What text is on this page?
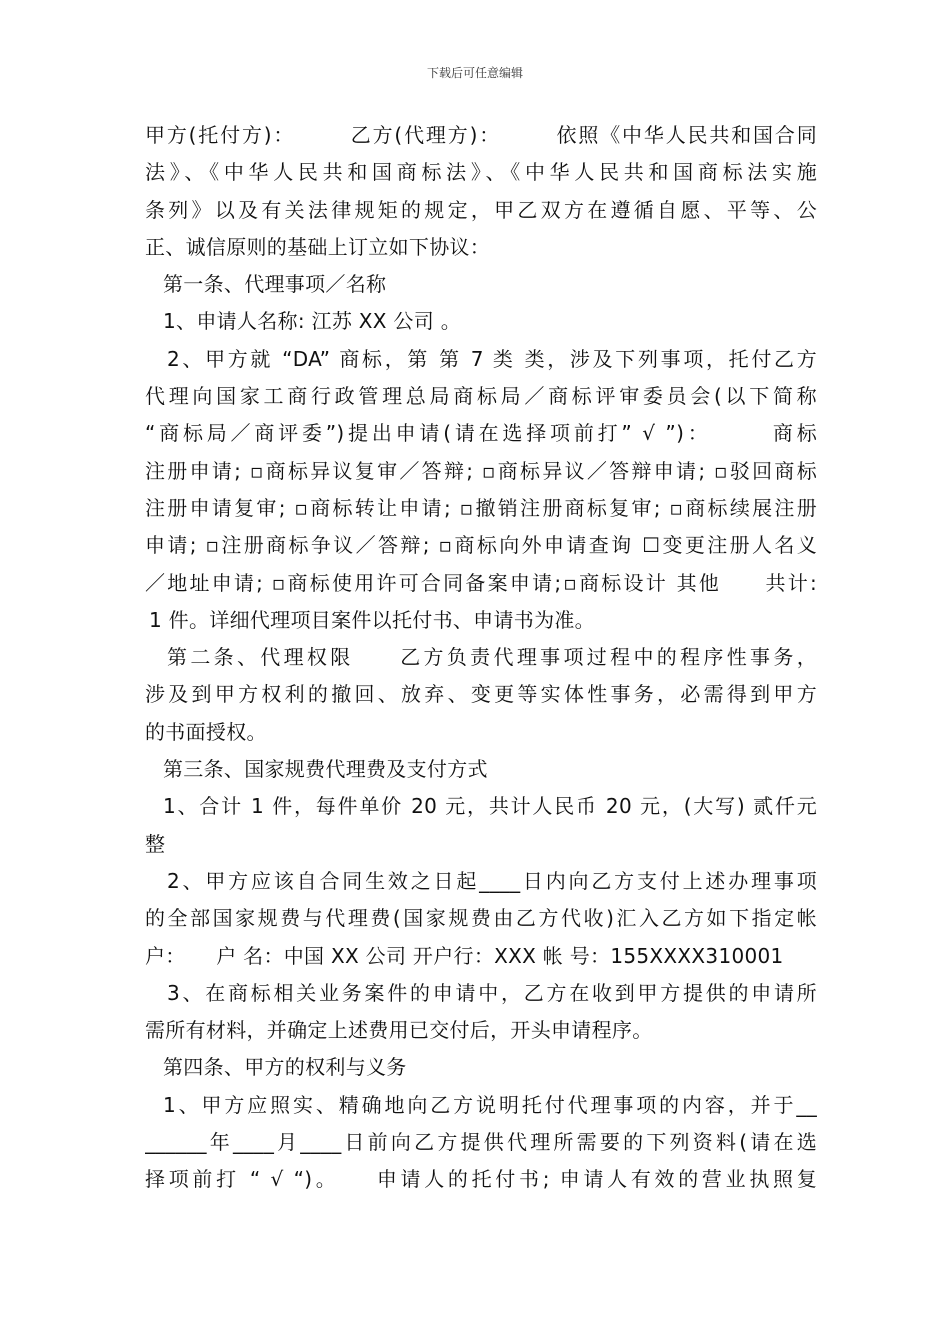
下载后可任意编辑
甲方(托付方)：　　　乙方(代理方)：　　　依照《中华人民共和国合同
法》、《中华人民共和国商标法》、《中华人民共和国商标法实施
条列》以及有关法律规矩的规定，甲乙双方在遵循自愿、平等、公
正、诚信原则的基础上订立如下协议：
第一条、代理事项／名称
1、申请人名称: 江苏 XX 公司 。
2、甲方就 “DA” 商标，第 第 7 类 类，涉及下列事项，托付乙方
代理向国家工商行政管理总局商标局／商标评审委员会(以下简称
“商标局／商评委”)提出申请(请在选择项前打” √ ”)：　　　商标
注册申请; ▫商标异议复审／答辩; ▫商标异议／答辩申请; ▫驳回商标
注册申请复审; ▫商标转让申请; ▫撤销注册商标复审; ▫商标续展注册
申请; ▫注册商标争议／答辩; ▫商标向外申请查询 ☐变更注册人名义
／地址申请; ▫商标使用许可合同备案申请;▫商标设计 其他　　共计:
1 件。详细代理项目案件以托付书、申请书为准。
第二条、代理权限　　乙方负责代理事项过程中的程序性事务，
涉及到甲方权利的撤回、放弃、变更等实体性事务，必需得到甲方
的书面授权。
第三条、国家规费代理费及支付方式
1、合计 1 件，每件单价 20 元，共计人民币 20 元，(大写) 贰仟元
整
2、甲方应该自合同生效之日起____日内向乙方支付上述办理事项
的全部国家规费与代理费(国家规费由乙方代收)汇入乙方如下指定帐
户：　　户 名：中国 XX 公司 开户行：XXX 帐 号：155XXXX310001
3、在商标相关业务案件的申请中，乙方在收到甲方提供的申请所
需所有材料，并确定上述费用已交付后，开头申请程序。
第四条、甲方的权利与义务
1、甲方应照实、精确地向乙方说明托付代理事项的内容，并于__
______年____月____日前向乙方提供代理所需要的下列资料(请在选
择项前打 “ √ “)。　　申请人的托付书; 申请人有效的营业执照复
